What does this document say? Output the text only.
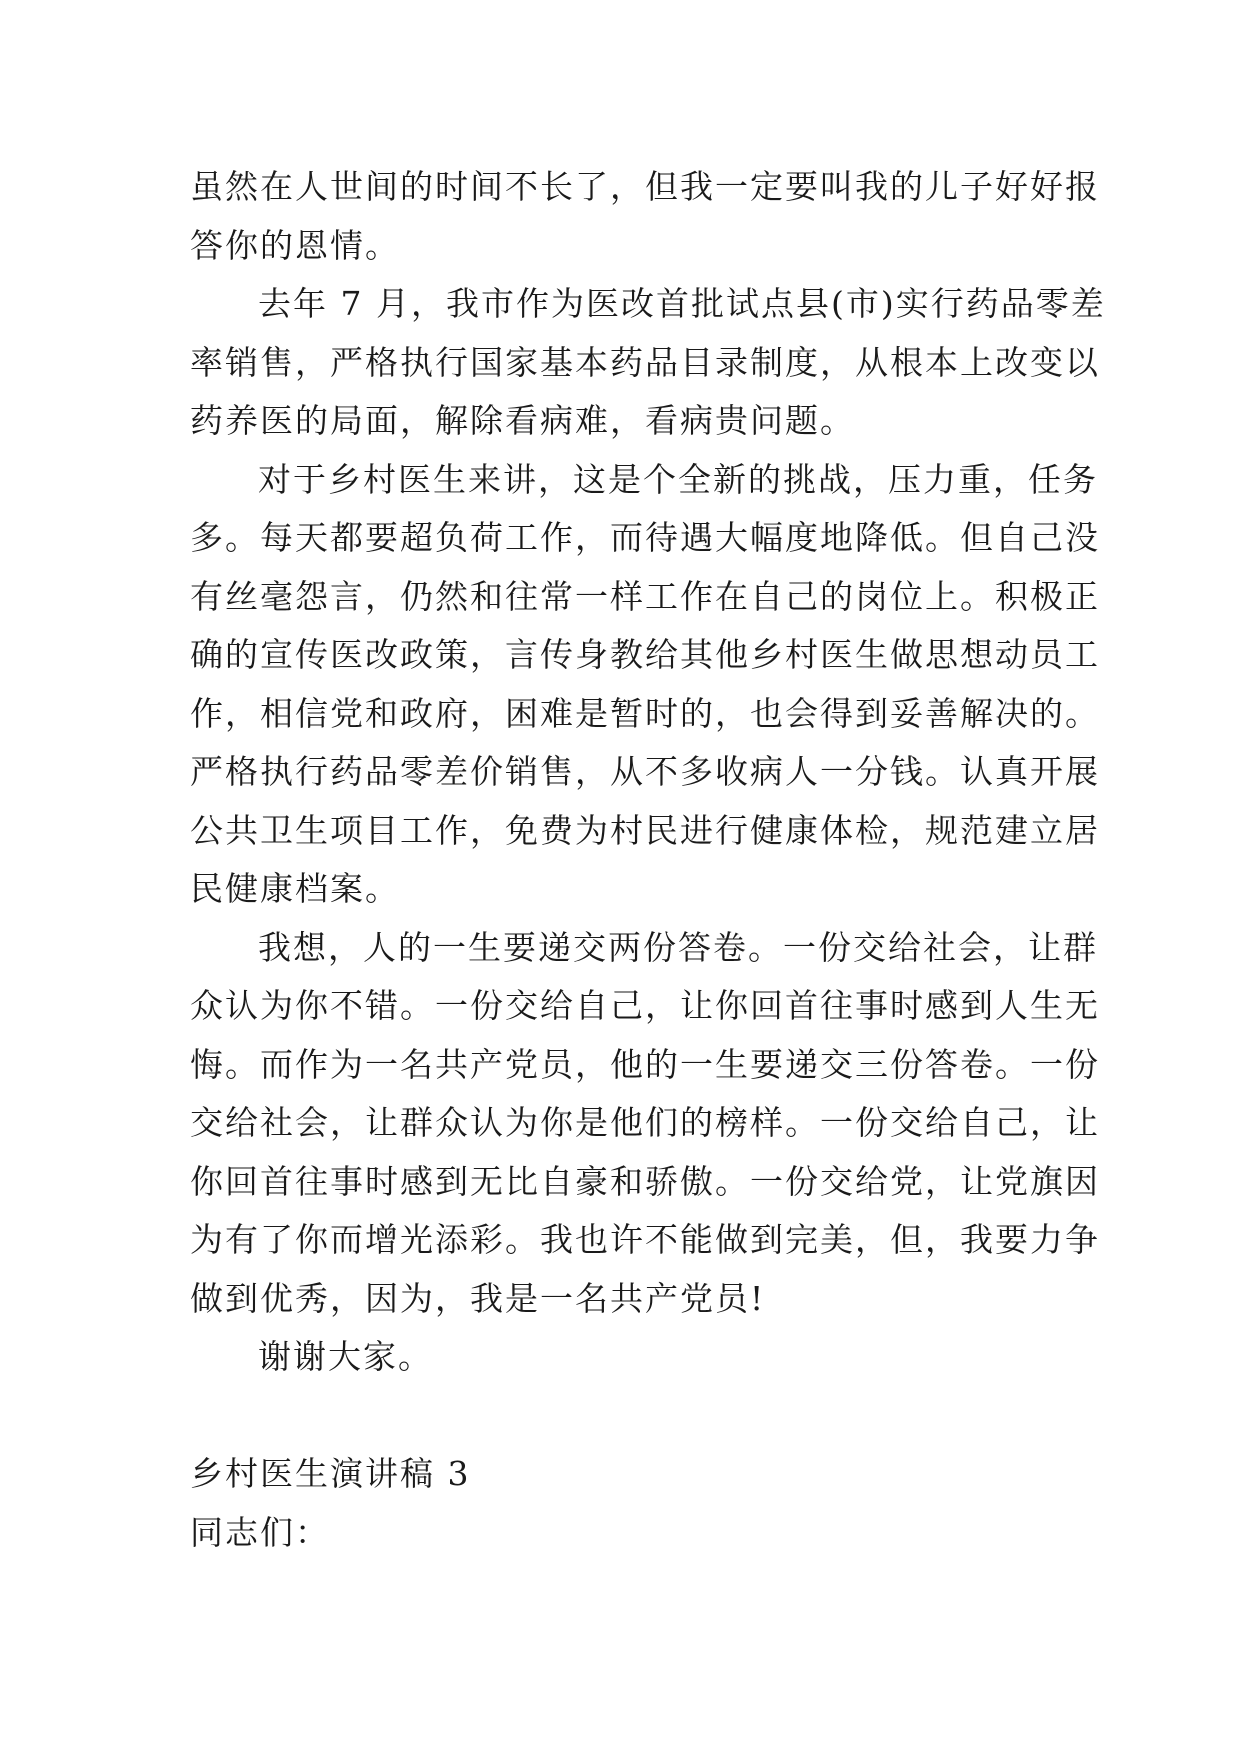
虽然在人世间的时间不长了，但我一定要叫我的儿子好好报
答你的恩情。
去年 7 月，我市作为医改首批试点县(市)实行药品零差
率销售，严格执行国家基本药品目录制度，从根本上改变以
药养医的局面，解除看病难，看病贵问题。
对于乡村医生来讲，这是个全新的挑战，压力重，任务
多。每天都要超负荷工作，而待遇大幅度地降低。但自己没
有丝毫怨言，仍然和往常一样工作在自己的岗位上。积极正
确的宣传医改政策，言传身教给其他乡村医生做思想动员工
作，相信党和政府，困难是暂时的，也会得到妥善解决的。
严格执行药品零差价销售，从不多收病人一分钱。认真开展
公共卫生项目工作，免费为村民进行健康体检，规范建立居
民健康档案。
我想，人的一生要递交两份答卷。一份交给社会，让群
众认为你不错。一份交给自己，让你回首往事时感到人生无
悔。而作为一名共产党员，他的一生要递交三份答卷。一份
交给社会，让群众认为你是他们的榜样。一份交给自己，让
你回首往事时感到无比自豪和骄傲。一份交给党，让党旗因
为有了你而增光添彩。我也许不能做到完美，但，我要力争
做到优秀，因为，我是一名共产党员!
谢谢大家。
乡村医生演讲稿 3
同志们：
